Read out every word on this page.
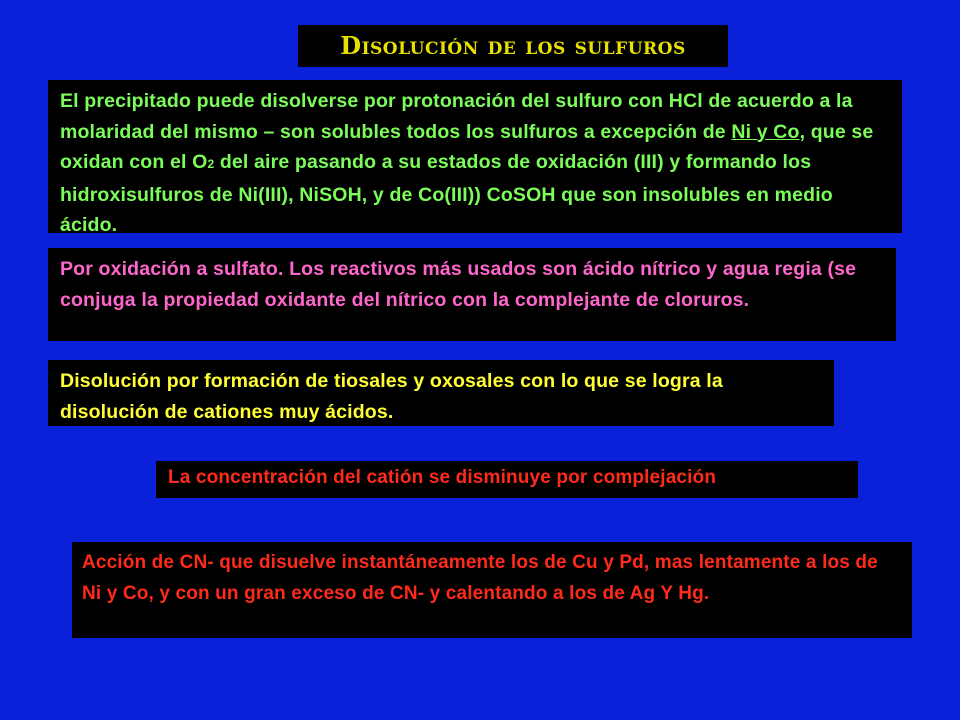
Disolución de los sulfuros
El precipitado puede disolverse por protonación del sulfuro con HCl de acuerdo a la molaridad del mismo – son solubles todos los sulfuros a excepción de Ni y Co, que se oxidan con el O2 del aire pasando a su estados de oxidación (III) y formando los hidroxisulfuros de Ni(III), NiSOH, y de Co(III)) CoSOH que son insolubles en medio ácido.
Por oxidación a sulfato. Los reactivos más usados son ácido nítrico y agua regia (se conjuga la propiedad oxidante del nítrico con la complejante de cloruros.
Disolución por formación de tiosales y oxosales con lo que se logra la disolución de cationes muy ácidos.
La concentración del catión se disminuye por complejación
Acción de CN- que disuelve instantáneamente los de Cu y Pd, mas lentamente a los de Ni y Co, y con un gran exceso de CN- y calentando a los de Ag Y Hg.
